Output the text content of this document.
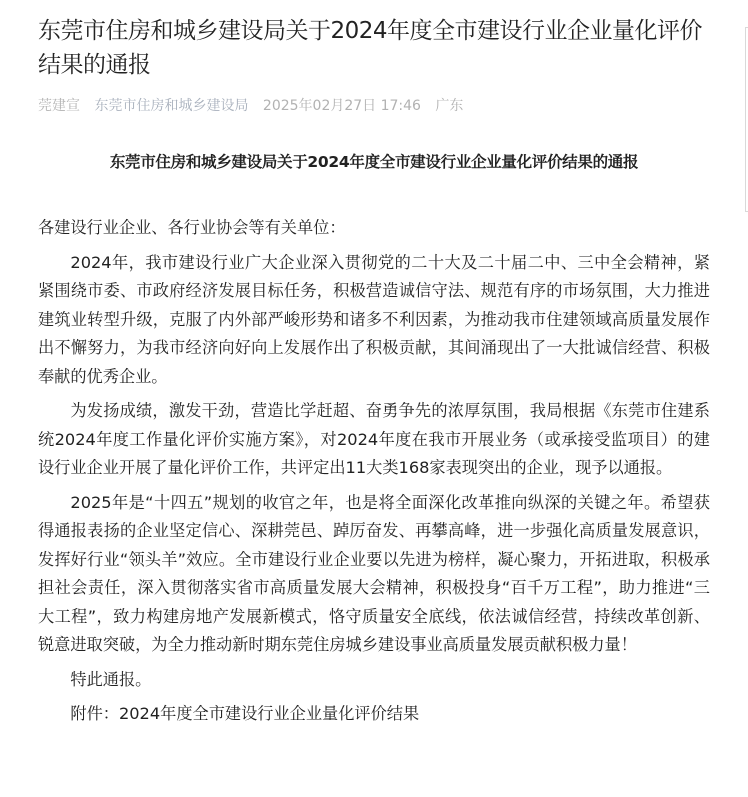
东莞市住房和城乡建设局关于2024年度全市建设行业企业量化评价结果的通报
莞建宣 东莞市住房和城乡建设局 2025年02月27日 17:46 广东
东莞市住房和城乡建设局关于2024年度全市建设行业企业量化评价结果的通报

各建设行业企业、各行业协会等有关单位：

2024年，我市建设行业广大企业深入贯彻党的二十大及二十届二中、三中全会精神，紧紧围绕市委、市政府经济发展目标任务，积极营造诚信守法、规范有序的市场氛围，大力推进建筑业转型升级，克服了内外部严峻形势和诸多不利因素，为推动我市住建领域高质量发展作出不懈努力，为我市经济向好向上发展作出了积极贡献，其间涌现出了一大批诚信经营、积极奉献的优秀企业。

为发扬成绩，激发干劲，营造比学赶超、奋勇争先的浓厚氛围，我局根据《东莞市住建系统2024年度工作量化评价实施方案》，对2024年度在我市开展业务（或承接受监项目）的建设行业企业开展了量化评价工作，共评定出11大类168家表现突出的企业，现予以通报。

2025年是“十四五”规划的收官之年，也是将全面深化改革推向纵深的关键之年。希望获得通报表扬的企业坚定信心、深耕莞邑、踔厉奋发、再攀高峰，进一步强化高质量发展意识，发挥好行业“领头羊”效应。全市建设行业企业要以先进为榜样，凝心聚力，开拓进取，积极承担社会责任，深入贯彻落实省市高质量发展大会精神，积极投身“百千万工程”，助力推进“三大工程”，致力构建房地产发展新模式，恪守质量安全底线，依法诚信经营，持续改革创新、锐意进取突破，为全力推动新时期东莞住房城乡建设事业高质量发展贡献积极力量！

特此通报。

附件：2024年度全市建设行业企业量化评价结果
